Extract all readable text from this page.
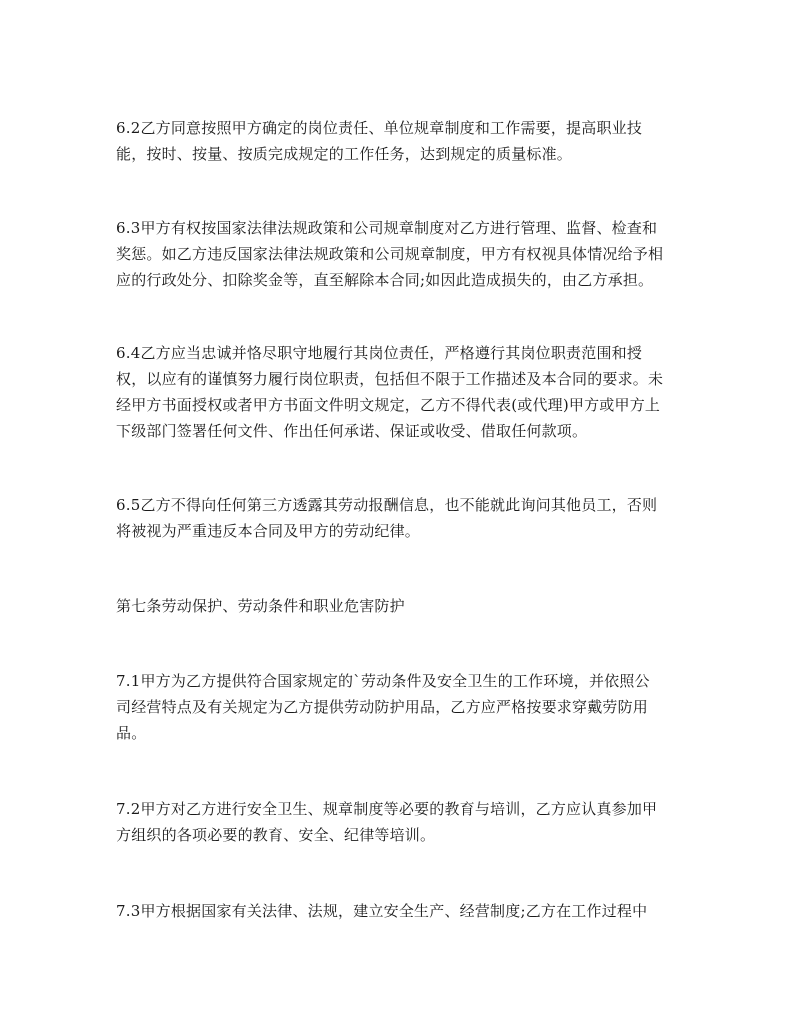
6.2乙方同意按照甲方确定的岗位责任、单位规章制度和工作需要，提高职业技
能，按时、按量、按质完成规定的工作任务，达到规定的质量标准。

6.3甲方有权按国家法律法规政策和公司规章制度对乙方进行管理、监督、检查和
奖惩。如乙方违反国家法律法规政策和公司规章制度，甲方有权视具体情况给予相
应的行政处分、扣除奖金等，直至解除本合同;如因此造成损失的，由乙方承担。

6.4乙方应当忠诚并恪尽职守地履行其岗位责任，严格遵行其岗位职责范围和授
权，以应有的谨慎努力履行岗位职责，包括但不限于工作描述及本合同的要求。未
经甲方书面授权或者甲方书面文件明文规定，乙方不得代表(或代理)甲方或甲方上
下级部门签署任何文件、作出任何承诺、保证或收受、借取任何款项。

6.5乙方不得向任何第三方透露其劳动报酬信息，也不能就此询问其他员工，否则
将被视为严重违反本合同及甲方的劳动纪律。

第七条劳动保护、劳动条件和职业危害防护

7.1甲方为乙方提供符合国家规定的`劳动条件及安全卫生的工作环境，并依照公
司经营特点及有关规定为乙方提供劳动防护用品，乙方应严格按要求穿戴劳防用
品。

7.2甲方对乙方进行安全卫生、规章制度等必要的教育与培训，乙方应认真参加甲
方组织的各项必要的教育、安全、纪律等培训。

7.3甲方根据国家有关法律、法规，建立安全生产、经营制度;乙方在工作过程中
